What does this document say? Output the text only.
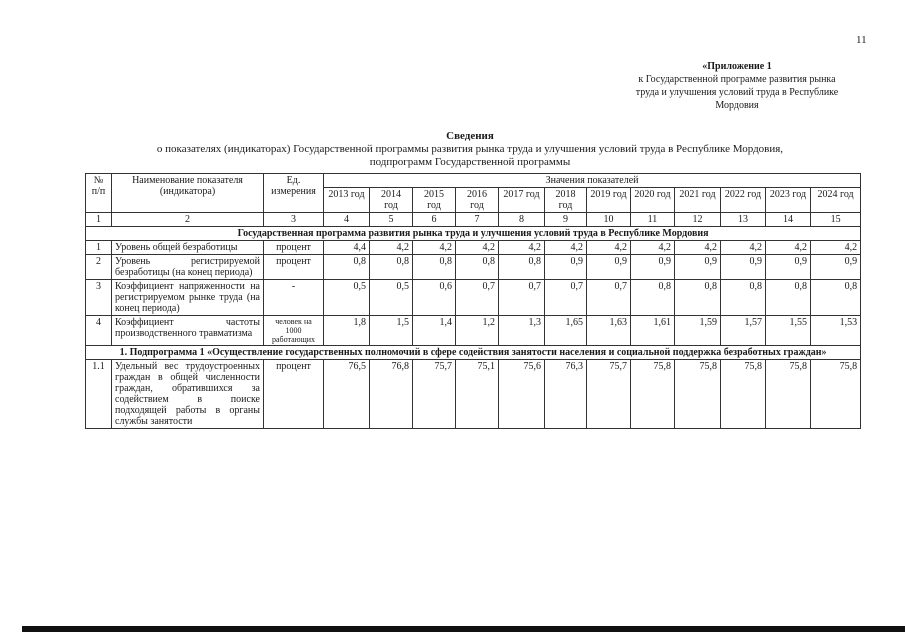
11
«Приложение 1
к Государственной программе развития рынка
труда и улучшения условий труда в Республике
Мордовия
Сведения
о показателях (индикаторах) Государственной программы развития рынка труда и улучшения условий труда в Республике Мордовия,
подпрограмм Государственной программы
№ п/п	Наименование показателя (индикатора)	Ед. измерения	Значения показателей											
			2013 год	2014 год	2015 год	2016 год	2017 год	2018 год	2019 год	2020 год	2021 год	2022 год	2023 год	2024 год
1	2	3	4	5	6	7	8	9	10	11	12	13	14	15
Государственная программа развития рынка труда и улучшения условий труда в Республике Мордовия														
1	Уровень общей безработицы	процент	4,4	4,2	4,2	4,2	4,2	4,2	4,2	4,2	4,2	4,2	4,2	4,2
2	Уровень регистрируемой безработицы (на конец периода)	процент	0,8	0,8	0,8	0,8	0,8	0,9	0,9	0,9	0,9	0,9	0,9	0,9
3	Коэффициент напряженности на регистрируемом рынке труда (на конец периода)	-	0,5	0,5	0,6	0,7	0,7	0,7	0,7	0,8	0,8	0,8	0,8	0,8
4	Коэффициент частоты производственного травматизма	человек на 1000 работающих	1,8	1,5	1,4	1,2	1,3	1,65	1,63	1,61	1,59	1,57	1,55	1,53
1. Подпрограмма 1 «Осуществление государственных полномочий в сфере содействия занятости населения и социальной поддержка безработных граждан»														
1.1	Удельный вес трудоустроенных граждан в общей численности граждан, обратившихся за содействием в поиске подходящей работы в органы службы занятости	процент	76,5	76,8	75,7	75,1	75,6	76,3	75,7	75,8	75,8	75,8	75,8	75,8
